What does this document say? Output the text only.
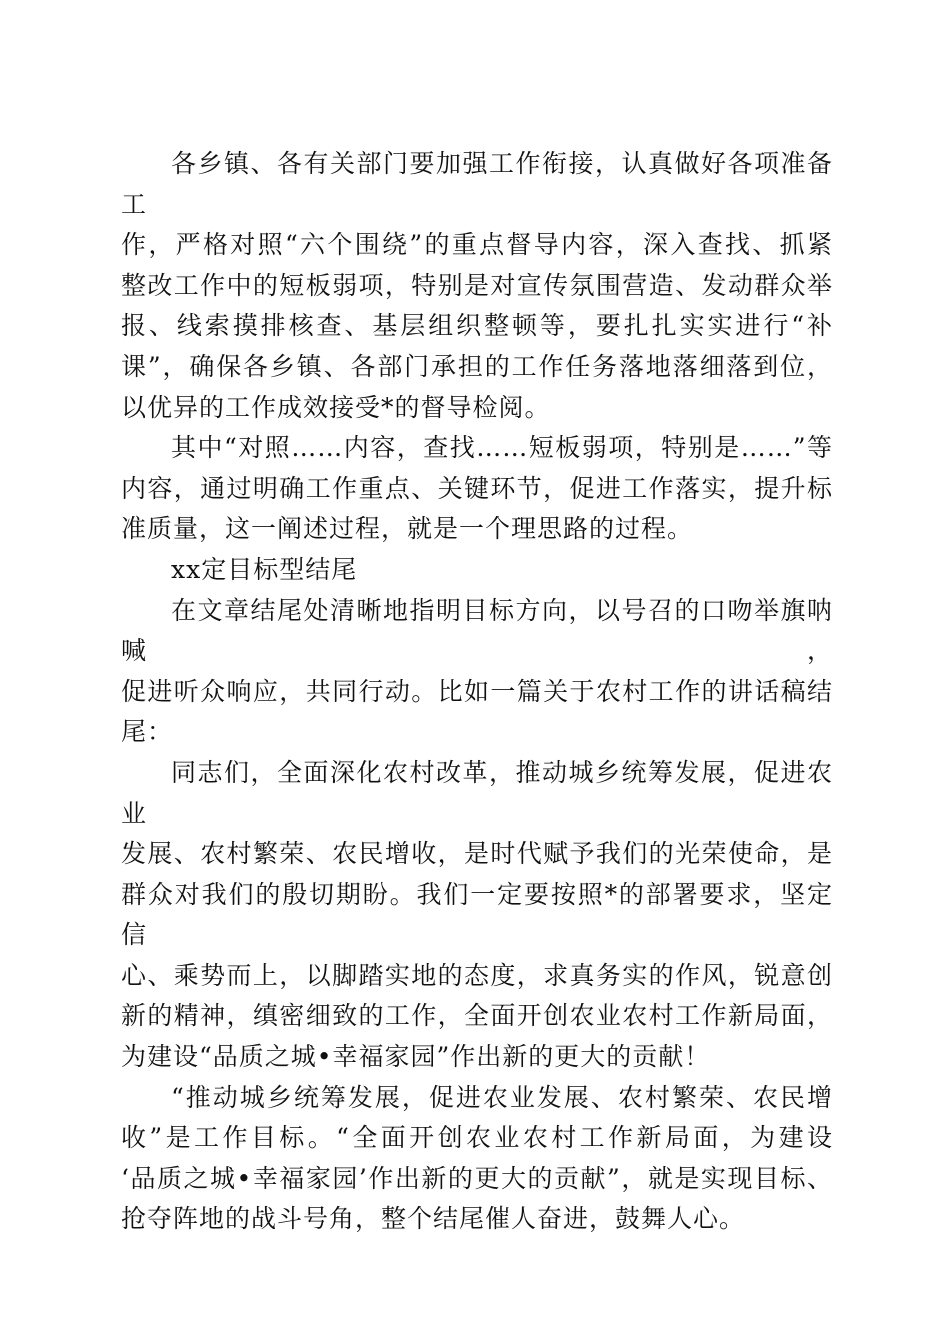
各乡镇、各有关部门要加强工作衔接，认真做好各项准备工
作，严格对照“六个围绕”的重点督导内容，深入查找、抓紧
整改工作中的短板弱项，特别是对宣传氛围营造、发动群众举
报、线索摸排核查、基层组织整顿等，要扎扎实实进行“补
课”，确保各乡镇、各部门承担的工作任务落地落细落到位，
以优异的工作成效接受*的督导检阅。

其中“对照……内容，查找……短板弱项，特别是……”等
内容，通过明确工作重点、关键环节，促进工作落实，提升标
准质量，这一阐述过程，就是一个理思路的过程。

xx定目标型结尾

在文章结尾处清晰地指明目标方向，以号召的口吻举旗呐喊，
促进听众响应，共同行动。比如一篇关于农村工作的讲话稿结
尾：

同志们，全面深化农村改革，推动城乡统筹发展，促进农业
发展、农村繁荣、农民增收，是时代赋予我们的光荣使命，是
群众对我们的殷切期盼。我们一定要按照*的部署要求，坚定信
心、乘势而上，以脚踏实地的态度，求真务实的作风，锐意创
新的精神，缜密细致的工作，全面开创农业农村工作新局面，
为建设“品质之城•幸福家园”作出新的更大的贡献！

“推动城乡统筹发展，促进农业发展、农村繁荣、农民增
收”是工作目标。“全面开创农业农村工作新局面，为建设
‘品质之城•幸福家园’作出新的更大的贡献”，就是实现目标、
抢夺阵地的战斗号角，整个结尾催人奋进，鼓舞人心。
